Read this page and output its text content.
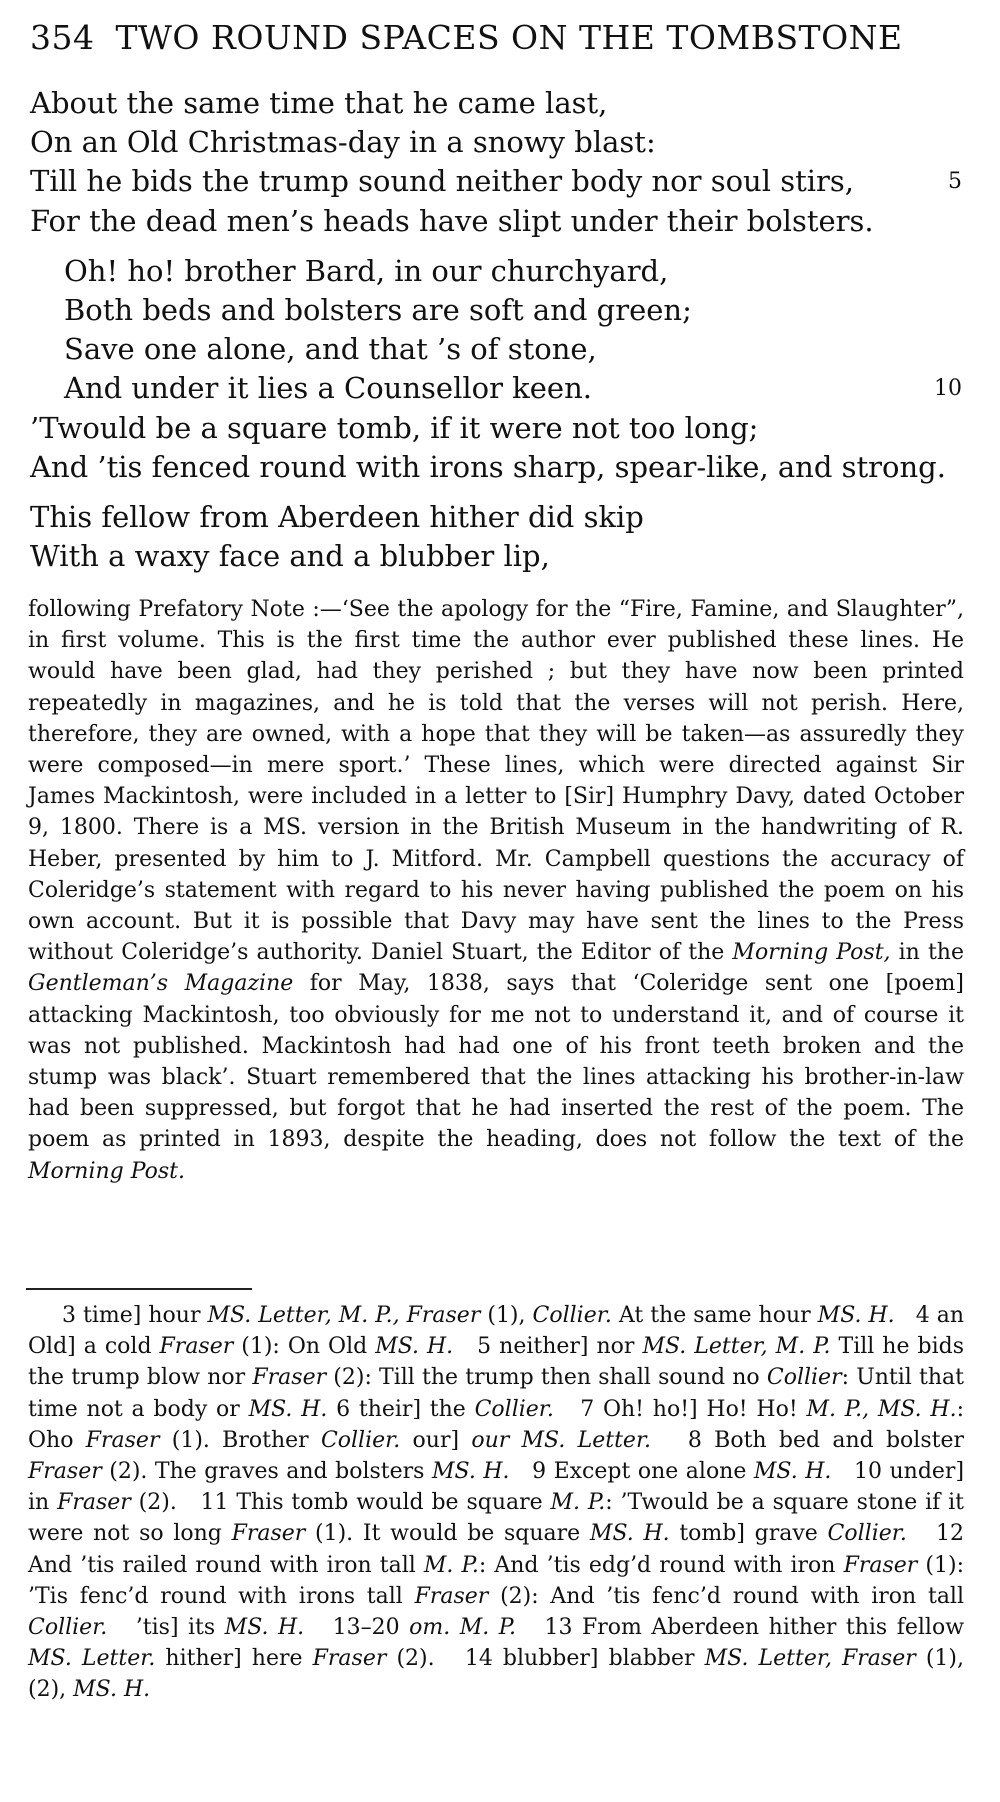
354 TWO ROUND SPACES ON THE TOMBSTONE
About the same time that he came last,
On an Old Christmas-day in a snowy blast:
Till he bids the trump sound neither body nor soul stirs,	5
For the dead men’s heads have slipt under their bolsters.
Oh! ho! brother Bard, in our churchyard,
Both beds and bolsters are soft and green;
Save one alone, and that ’s of stone,
And under it lies a Counsellor keen.	10
’Twould be a square tomb, if it were not too long;
And ’tis fenced round with irons sharp, spear-like, and strong.
This fellow from Aberdeen hither did skip
With a waxy face and a blubber lip,
following Prefatory Note :—‘See the apology for the “Fire, Famine, and Slaughter”, in first volume. This is the first time the author ever published these lines. He would have been glad, had they perished ; but they have now been printed repeatedly in magazines, and he is told that the verses will not perish. Here, therefore, they are owned, with a hope that they will be taken—as assuredly they were composed—in mere sport.’ These lines, which were directed against Sir James Mackintosh, were included in a letter to [Sir] Humphry Davy, dated October 9, 1800. There is a MS. version in the British Museum in the handwriting of R. Heber, presented by him to J. Mitford. Mr. Campbell questions the accuracy of Coleridge’s statement with regard to his never having published the poem on his own account. But it is possible that Davy may have sent the lines to the Press without Coleridge’s authority. Daniel Stuart, the Editor of the Morning Post, in the Gentleman’s Magazine for May, 1838, says that ‘Coleridge sent one [poem] attacking Mackintosh, too obviously for me not to understand it, and of course it was not published. Mackintosh had had one of his front teeth broken and the stump was black’. Stuart remembered that the lines attacking his brother-in-law had been suppressed, but forgot that he had inserted the rest of the poem. The poem as printed in 1893, despite the heading, does not follow the text of the Morning Post.
3 time] hour MS. Letter, M. P., Fraser (1), Collier. At the same hour MS. H. 4 an Old] a cold Fraser (1): On Old MS. H. 5 neither] nor MS. Letter, M. P. Till he bids the trump blow nor Fraser (2): Till the trump then shall sound no Collier: Until that time not a body or MS. H. 6 their] the Collier. 7 Oh! ho!] Ho! Ho! M. P., MS. H.: Oho Fraser (1). Brother Collier. our] our MS. Letter. 8 Both bed and bolster Fraser (2). The graves and bolsters MS. H. 9 Except one alone MS. H. 10 under] in Fraser (2). 11 This tomb would be square M. P.: ’Twould be a square stone if it were not so long Fraser (1). It would be square MS. H. tomb] grave Collier. 12 And ’tis railed round with iron tall M. P.: And ’tis edg’d round with iron Fraser (1): ’Tis fenc’d round with irons tall Fraser (2): And ’tis fenc’d round with iron tall Collier.   ’tis] its MS. H. 13–20 om. M. P. 13 From Aberdeen hither this fellow MS. Letter. hither] here Fraser (2). 14 blubber] blabber MS. Letter, Fraser (1), (2), MS. H.
